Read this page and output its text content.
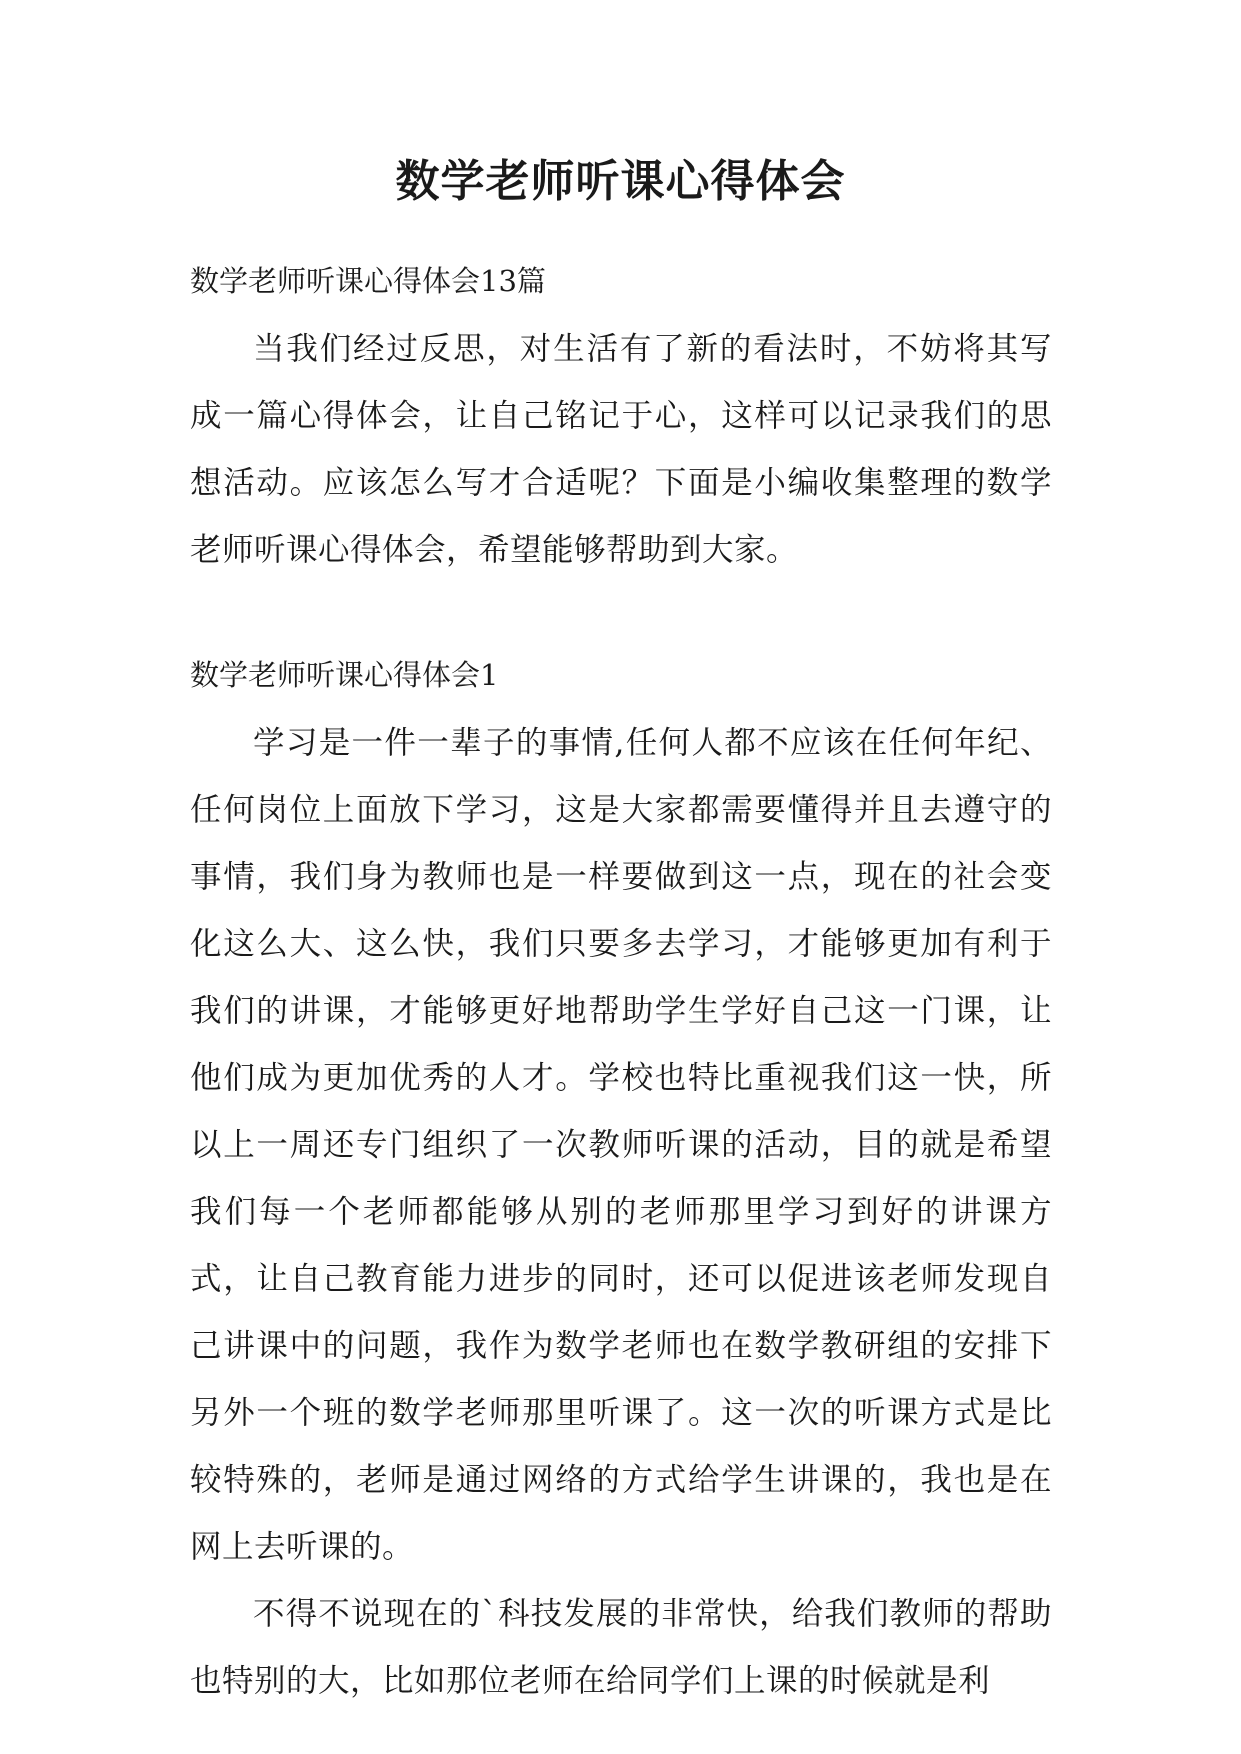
数学老师听课心得体会

数学老师听课心得体会13篇

当我们经过反思，对生活有了新的看法时，不妨将其写成一篇心得体会，让自己铭记于心，这样可以记录我们的思想活动。应该怎么写才合适呢？下面是小编收集整理的数学老师听课心得体会，希望能够帮助到大家。

数学老师听课心得体会1

学习是一件一辈子的事情,任何人都不应该在任何年纪、任何岗位上面放下学习，这是大家都需要懂得并且去遵守的事情，我们身为教师也是一样要做到这一点，现在的社会变化这么大、这么快，我们只要多去学习，才能够更加有利于我们的讲课，才能够更好地帮助学生学好自己这一门课，让他们成为更加优秀的人才。学校也特比重视我们这一快，所以上一周还专门组织了一次教师听课的活动，目的就是希望我们每一个老师都能够从别的老师那里学习到好的讲课方式，让自己教育能力进步的同时，还可以促进该老师发现自己讲课中的问题，我作为数学老师也在数学教研组的安排下另外一个班的数学老师那里听课了。这一次的听课方式是比较特殊的，老师是通过网络的方式给学生讲课的，我也是在网上去听课的。

不得不说现在的`科技发展的非常快，给我们教师的帮助也特别的大，比如那位老师在给同学们上课的时候就是利
